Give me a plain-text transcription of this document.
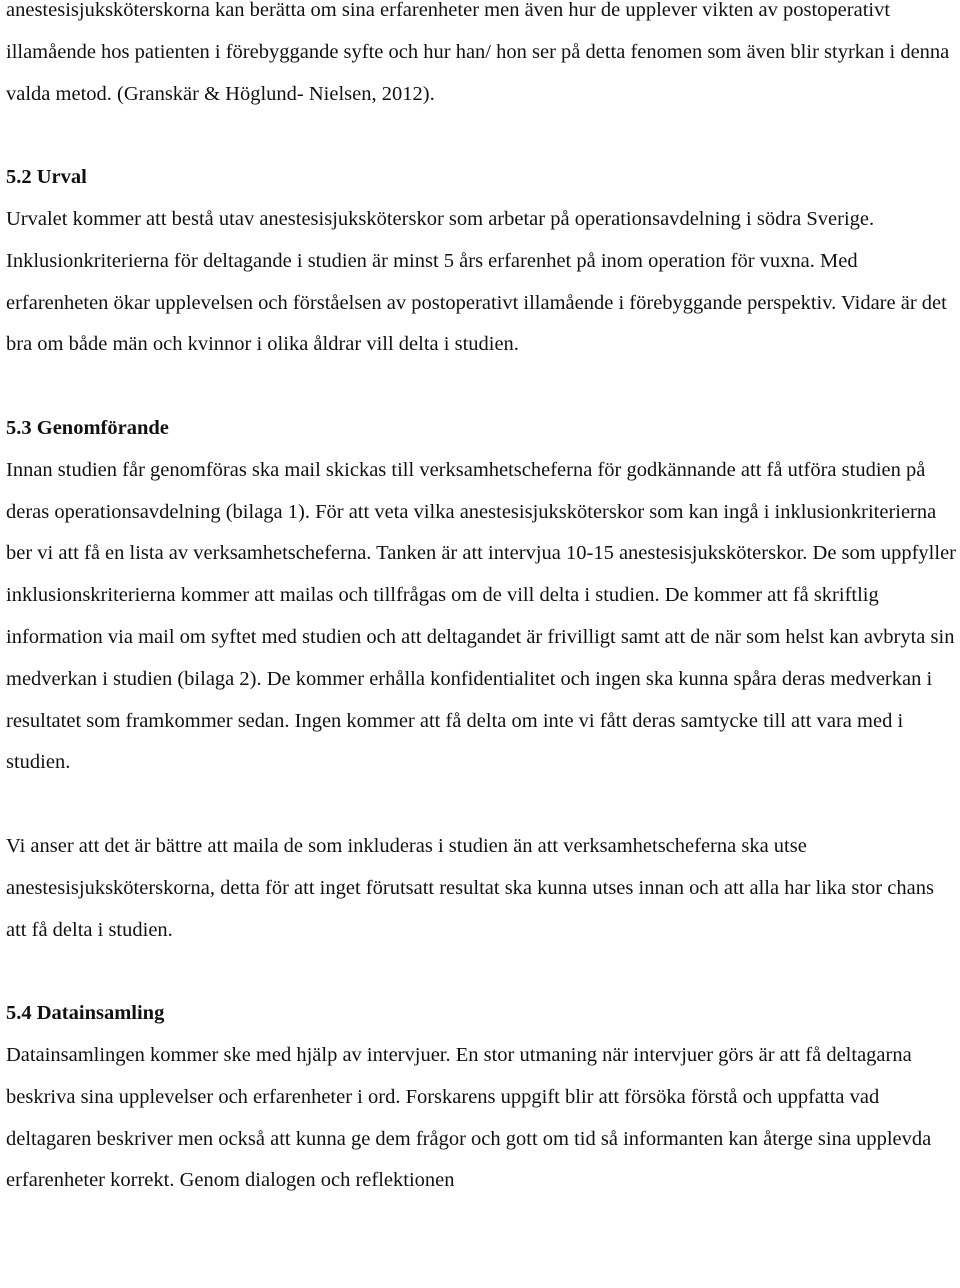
anestesisjuksköterskorna kan berätta om sina erfarenheter men även hur de upplever vikten av postoperativt illamående hos patienten i förebyggande syfte och hur han/ hon ser på detta fenomen som även blir styrkan i denna valda metod. (Granskär & Höglund- Nielsen, 2012).

5.2 Urval

Urvalet kommer att bestå utav anestesisjuksköterskor som arbetar på operationsavdelning i södra Sverige. Inklusionkriterierna för deltagande i studien är minst 5 års erfarenhet på inom operation för vuxna. Med erfarenheten ökar upplevelsen och förståelsen av postoperativt illamående i förebyggande perspektiv. Vidare är det bra om både män och kvinnor i olika åldrar vill delta i studien.

5.3 Genomförande

Innan studien får genomföras ska mail skickas till verksamhetscheferna för godkännande att få utföra studien på deras operationsavdelning (bilaga 1). För att veta vilka anestesisjuksköterskor som kan ingå i inklusionkriterierna ber vi att få en lista av verksamhetscheferna. Tanken är att intervjua 10-15 anestesisjuksköterskor. De som uppfyller inklusionskriterierna kommer att mailas och tillfrågas om de vill delta i studien. De kommer att få skriftlig information via mail om syftet med studien och att deltagandet är frivilligt samt att de när som helst kan avbryta sin medverkan i studien (bilaga 2). De kommer erhålla konfidentialitet och ingen ska kunna spåra deras medverkan i resultatet som framkommer sedan. Ingen kommer att få delta om inte vi fått deras samtycke till att vara med i studien.

Vi anser att det är bättre att maila de som inkluderas i studien än att verksamhetscheferna ska utse anestesisjuksköterskorna, detta för att inget förutsatt resultat ska kunna utses innan och att alla har lika stor chans att få delta i studien.

5.4 Datainsamling

Datainsamlingen kommer ske med hjälp av intervjuer. En stor utmaning när intervjuer görs är att få deltagarna beskriva sina upplevelser och erfarenheter i ord. Forskarens uppgift blir att försöka förstå och uppfatta vad deltagaren beskriver men också att kunna ge dem frågor och gott om tid så informanten kan återge sina upplevda erfarenheter korrekt. Genom dialogen och reflektionen
